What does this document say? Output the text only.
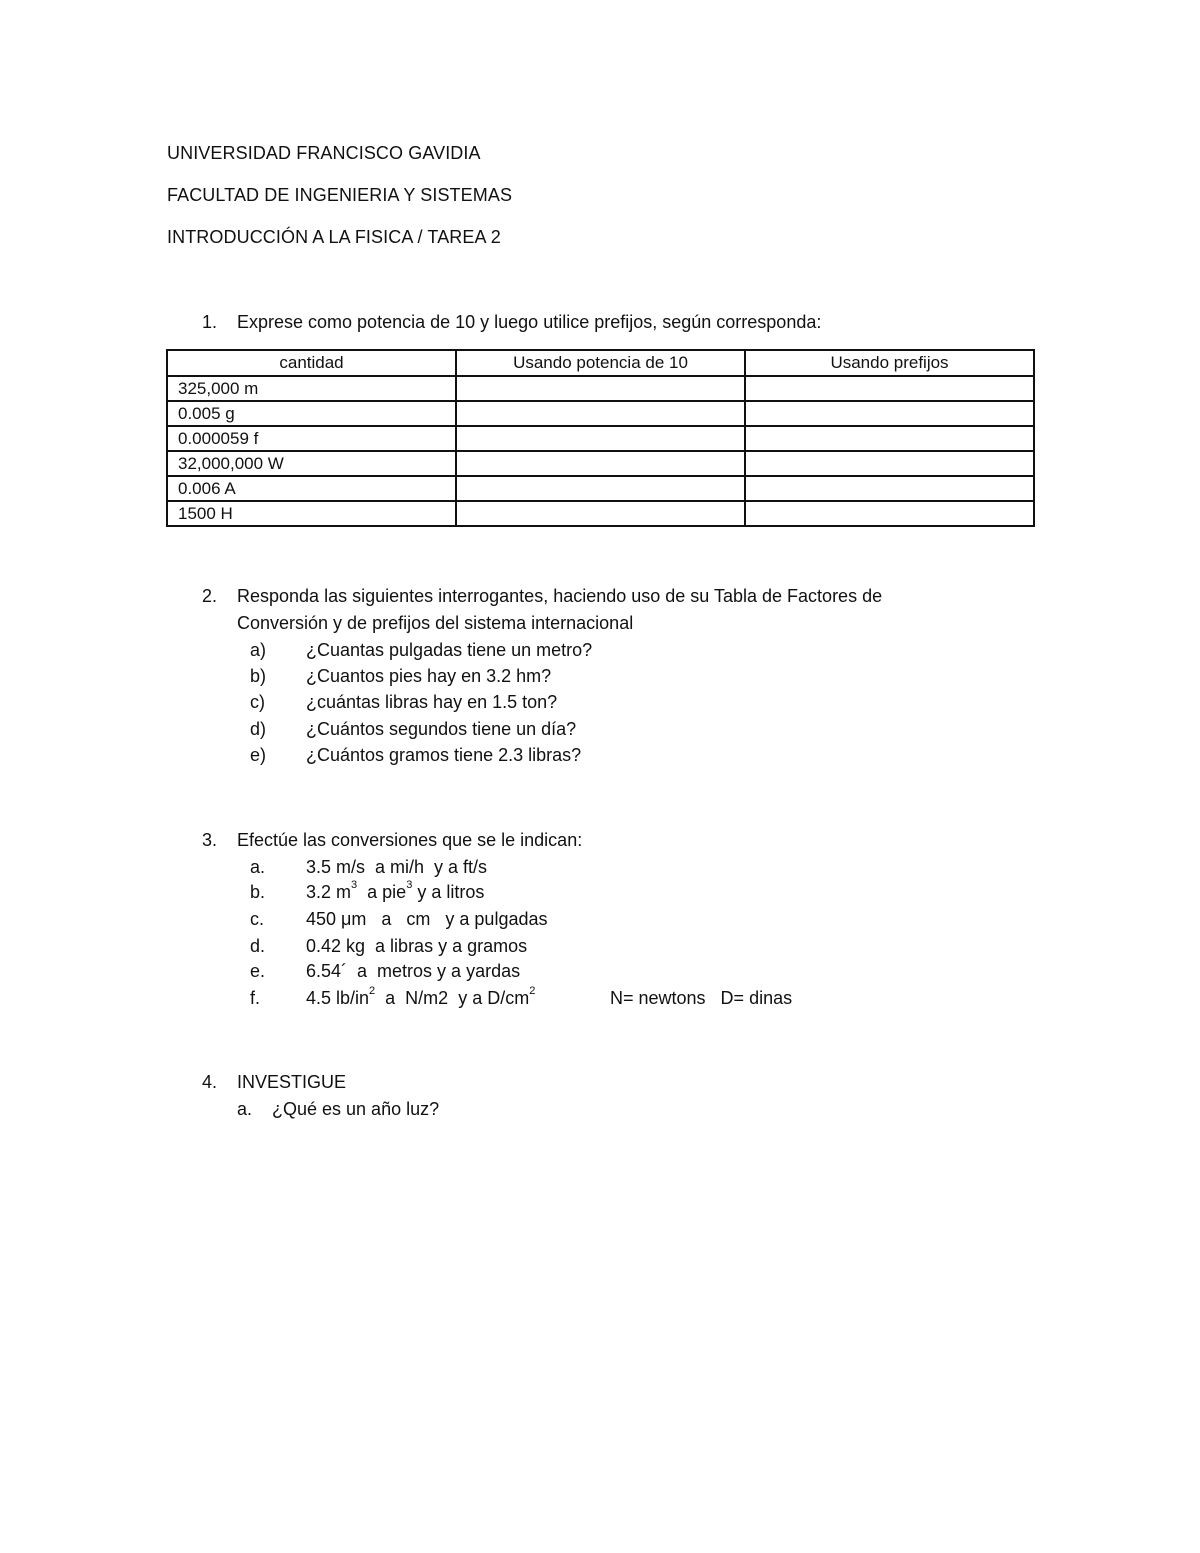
UNIVERSIDAD FRANCISCO GAVIDIA
FACULTAD DE INGENIERIA Y SISTEMAS
INTRODUCCIÓN A LA FISICA / TAREA 2
1. Exprese como potencia de 10 y luego utilice prefijos, según corresponda:
cantidad	Usando potencia de 10	Usando prefijos
325,000 m		
0.005 g		
0.000059 f		
32,000,000 W		
0.006 A		
1500 H		
2. Responda las siguientes interrogantes, haciendo uso de su Tabla de Factores de
Conversión y de prefijos del sistema internacional
a) ¿Cuantas pulgadas tiene un metro?
b) ¿Cuantos pies hay en 3.2 hm?
c) ¿cuántas libras hay en 1.5 ton?
d) ¿Cuántos segundos tiene un día?
e) ¿Cuántos gramos tiene 2.3 libras?
3. Efectúe las conversiones que se le indican:
a. 3.5 m/s  a mi/h  y a ft/s
b. 3.2 $m^3$  a pie$^3$ y a litros
c. 450 μm   a   cm   y a pulgadas
d. 0.42 kg  a libras y a gramos
e. 6.54´  a  metros y a yardas
f.	4.5 $lb/in^2$  a  N/m2  y a $D/cm^2$	N= newtons   D= dinas
4. INVESTIGUE
a. ¿Qué es un año luz?
